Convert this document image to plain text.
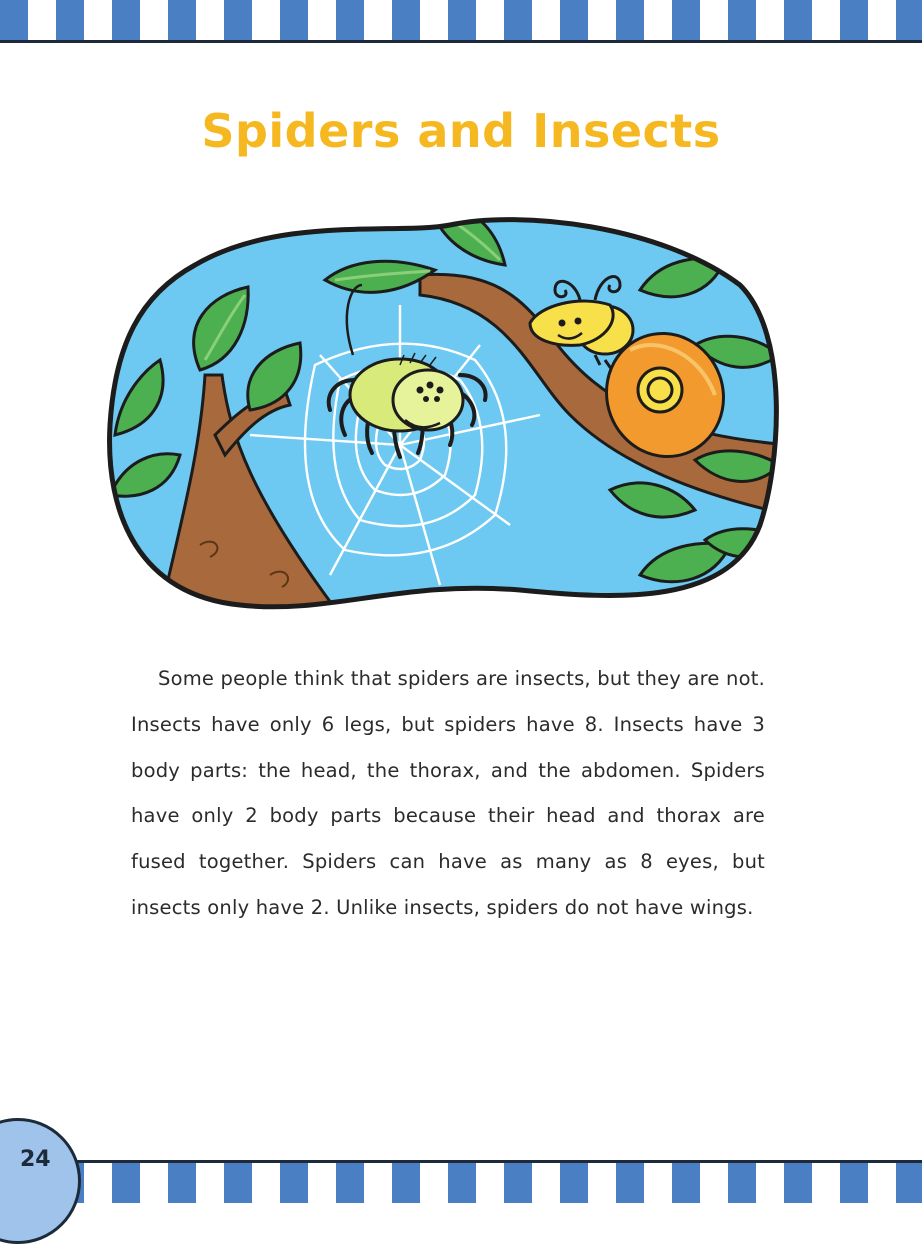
Spiders and Insects

Some people think that spiders are insects, but they are not. Insects have only 6 legs, but spiders have 8. Insects have 3 body parts: the head, the thorax, and the abdomen. Spiders have only 2 body parts because their head and thorax are fused together. Spiders can have as many as 8 eyes, but insects only have 2. Unlike insects, spiders do not have wings.

24
